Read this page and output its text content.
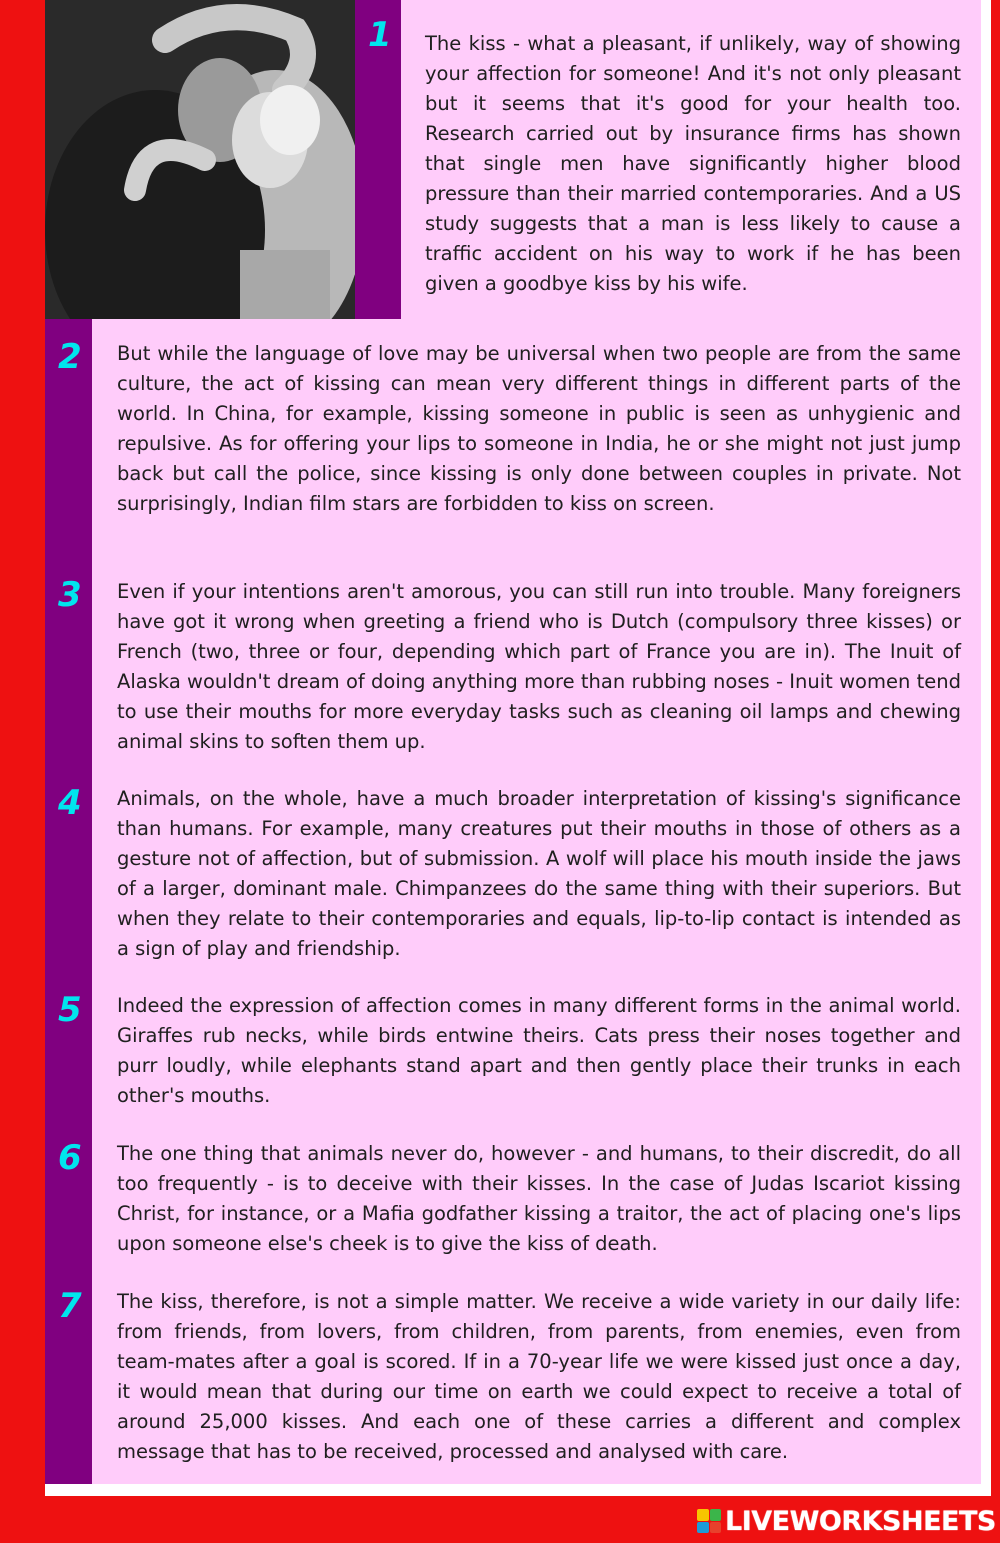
1 The kiss - what a pleasant, if unlikely, way of showing your affection for someone! And it's not only pleasant but it seems that it's good for your health too. Research carried out by insurance firms has shown that single men have significantly higher blood pressure than their married contemporaries. And a US study suggests that a man is less likely to cause a traffic accident on his way to work if he has been given a goodbye kiss by his wife.

2 But while the language of love may be universal when two people are from the same culture, the act of kissing can mean very different things in different parts of the world. In China, for example, kissing someone in public is seen as unhygienic and repulsive. As for offering your lips to someone in India, he or she might not just jump back but call the police, since kissing is only done between couples in private. Not surprisingly, Indian film stars are forbidden to kiss on screen.

3 Even if your intentions aren't amorous, you can still run into trouble. Many foreigners have got it wrong when greeting a friend who is Dutch (compulsory three kisses) or French (two, three or four, depending which part of France you are in). The Inuit of Alaska wouldn't dream of doing anything more than rubbing noses - Inuit women tend to use their mouths for more everyday tasks such as cleaning oil lamps and chewing animal skins to soften them up.

4 Animals, on the whole, have a much broader interpretation of kissing's significance than humans. For example, many creatures put their mouths in those of others as a gesture not of affection, but of submission. A wolf will place his mouth inside the jaws of a larger, dominant male. Chimpanzees do the same thing with their superiors. But when they relate to their contemporaries and equals, lip-to-lip contact is intended as a sign of play and friendship.

5 Indeed the expression of affection comes in many different forms in the animal world. Giraffes rub necks, while birds entwine theirs. Cats press their noses together and purr loudly, while elephants stand apart and then gently place their trunks in each other's mouths.

6 The one thing that animals never do, however - and humans, to their discredit, do all too frequently - is to deceive with their kisses. In the case of Judas Iscariot kissing Christ, for instance, or a Mafia godfather kissing a traitor, the act of placing one's lips upon someone else's cheek is to give the kiss of death.

7 The kiss, therefore, is not a simple matter. We receive a wide variety in our daily life: from friends, from lovers, from children, from parents, from enemies, even from team-mates after a goal is scored. If in a 70-year life we were kissed just once a day, it would mean that during our time on earth we could expect to receive a total of around 25,000 kisses. And each one of these carries a different and complex message that has to be received, processed and analysed with care.

LIVEWORKSHEETS
